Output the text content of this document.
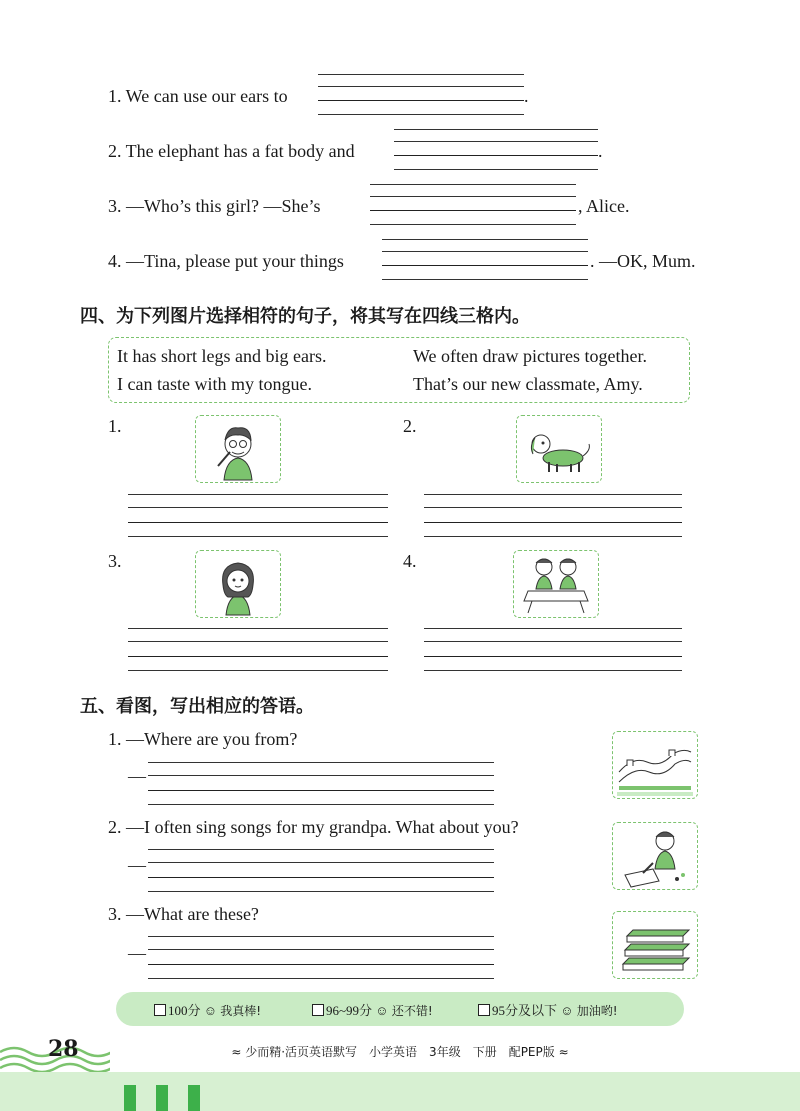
1. We can use our ears to	.
2. The elephant has a fat body and	.
3. —Who’s this girl? —She’s	, Alice.
4. —Tina, please put your things	. —OK, Mum.
四、为下列图片选择相符的句子，将其写在四线三格内。
It has short legs and big ears.	We often draw pictures together.
I can taste with my tongue.	That’s our new classmate, Amy.
1.	2.
3.	4.
五、看图，写出相应的答语。
1. —Where are you from?
—
2. —I often sing songs for my grandpa. What about you?
—
3. —What are these?
—
100分 ☺ 我真棒!	96~99分 ☺ 还不错!	95分及以下 ☺ 加油哟!
28	≈ 少而精·活页英语默写　小学英语　3年级　下册　配PEP版 ≈
